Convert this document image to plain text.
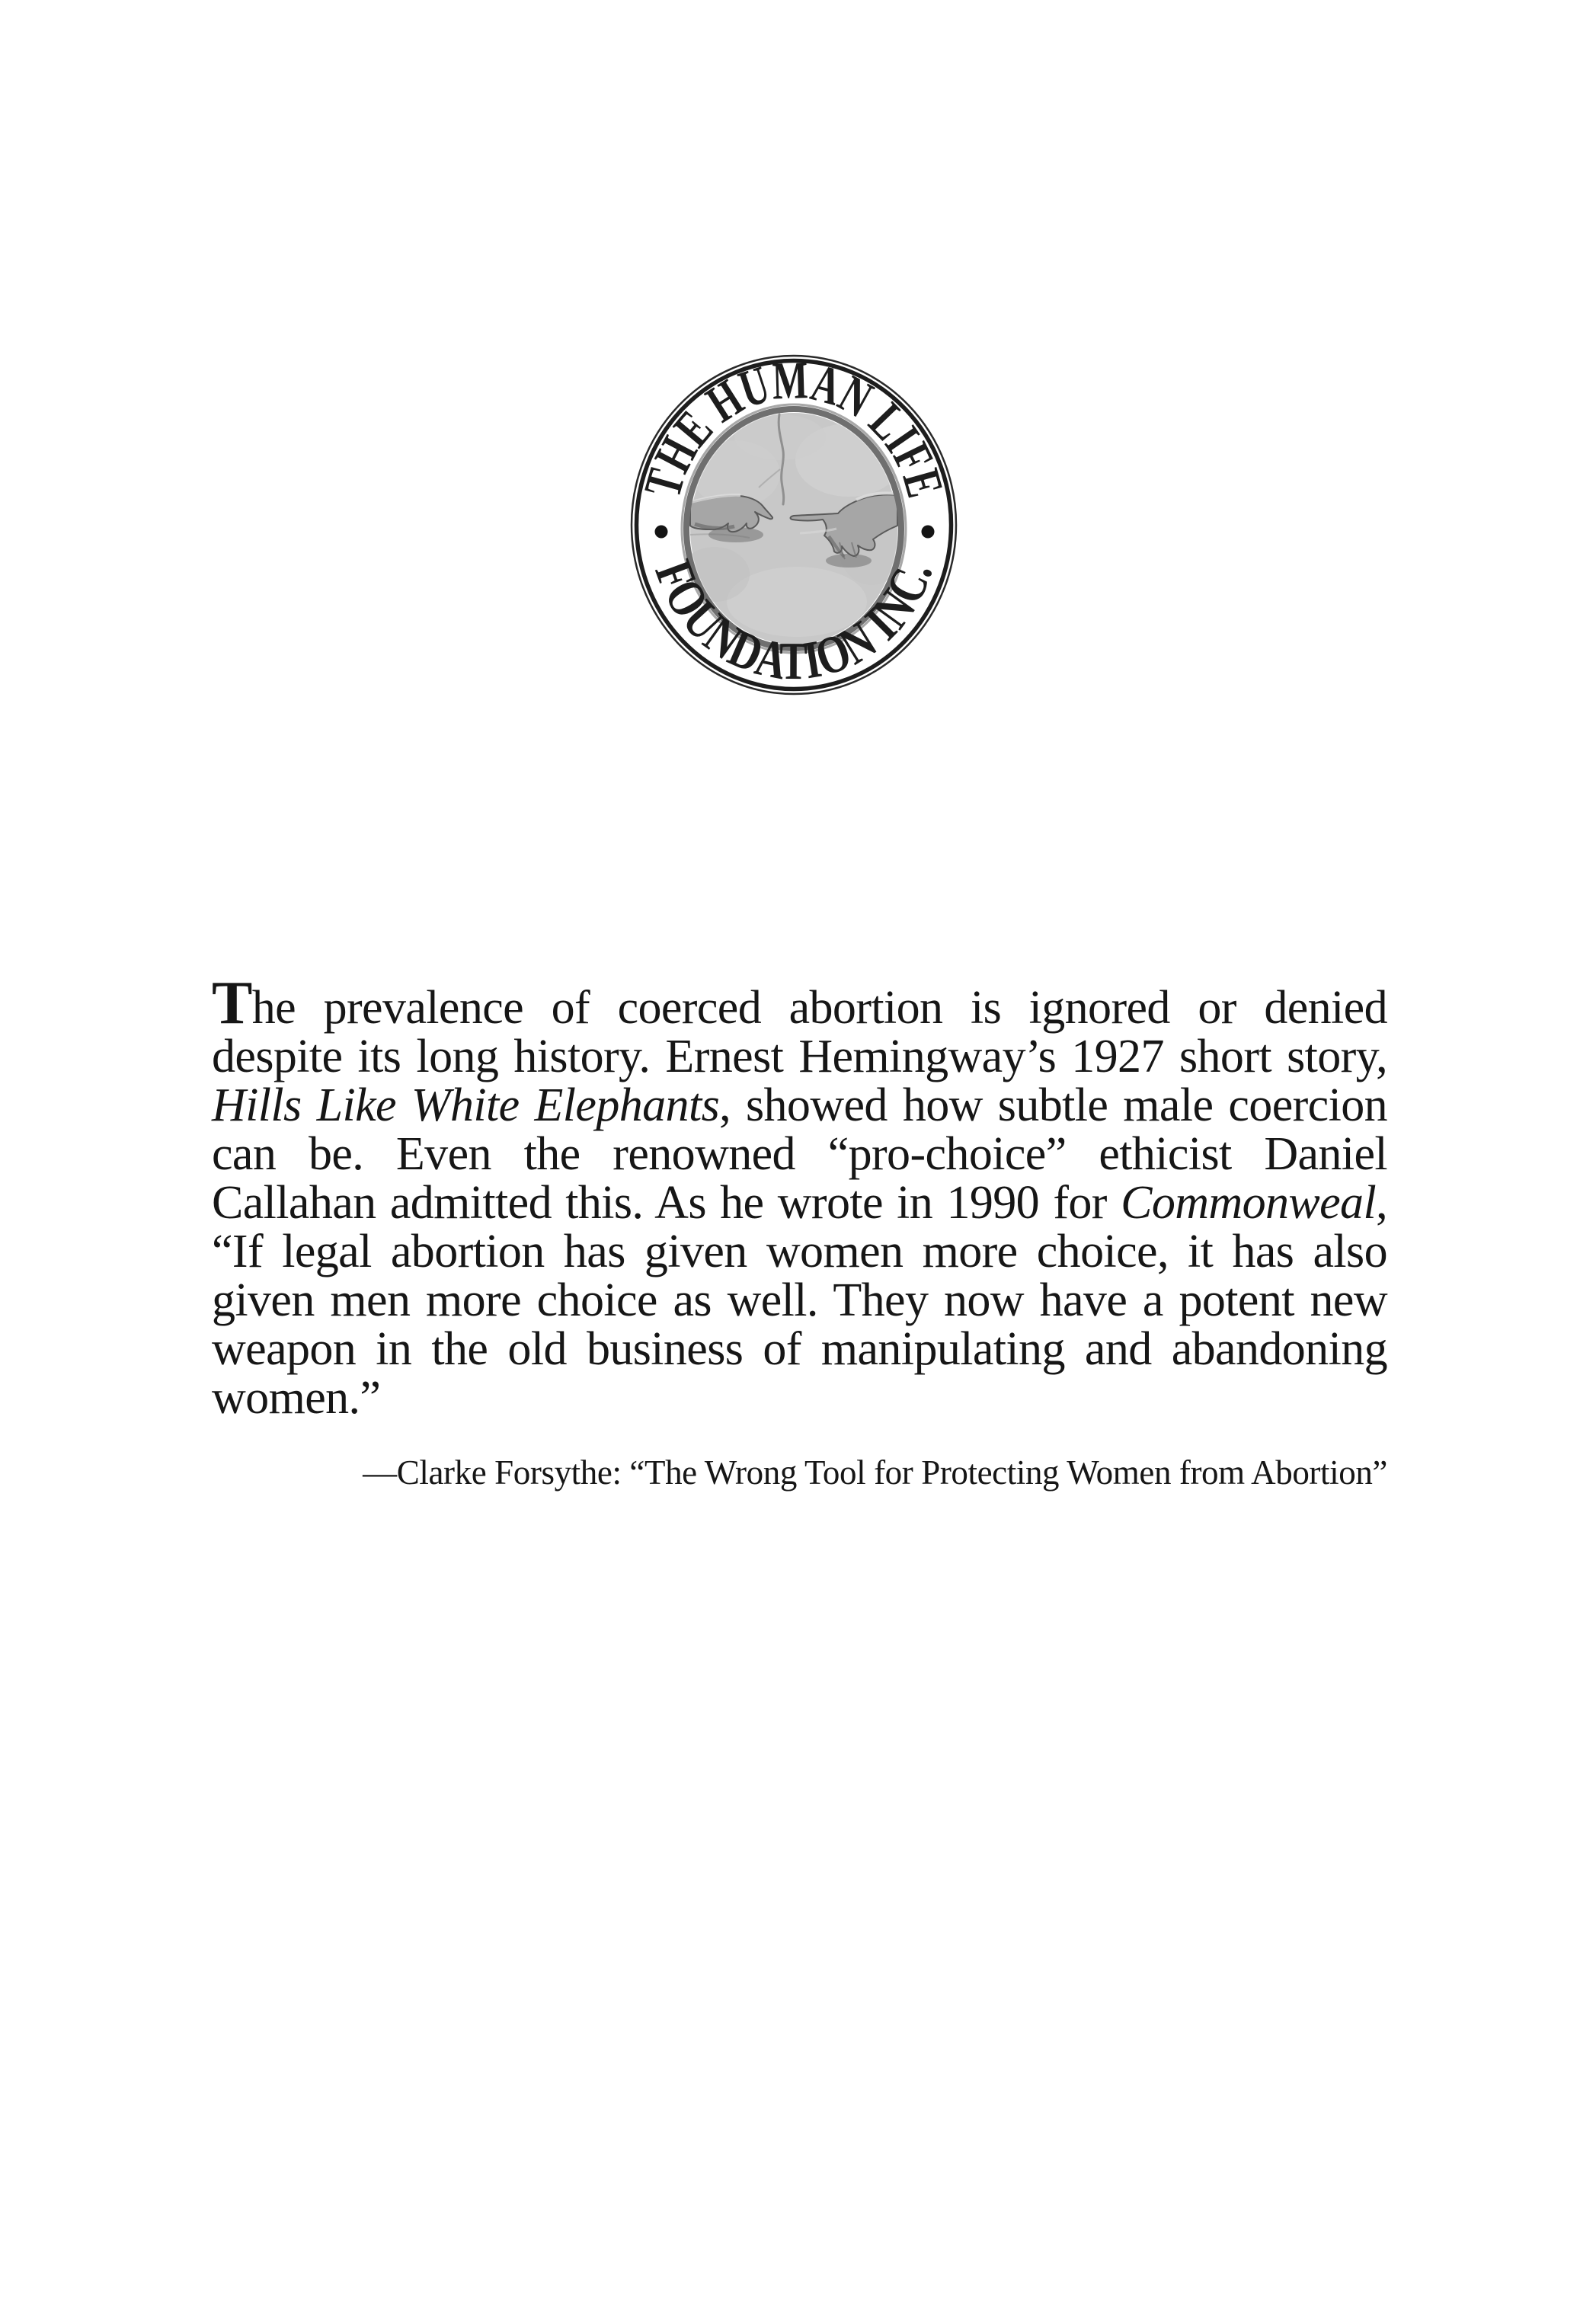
THE HUMAN LIFE
FOUNDATION INC.

The prevalence of coerced abortion is ignored or denied despite its long history. Ernest Hemingway’s 1927 short story, Hills Like White Elephants, showed how subtle male coercion can be. Even the renowned “pro-choice” ethicist Daniel Callahan admitted this. As he wrote in 1990 for Commonweal, “If legal abortion has given women more choice, it has also given men more choice as well. They now have a potent new weapon in the old business of manipulating and abandoning women.”

—Clarke Forsythe: “The Wrong Tool for Protecting Women from Abortion”
